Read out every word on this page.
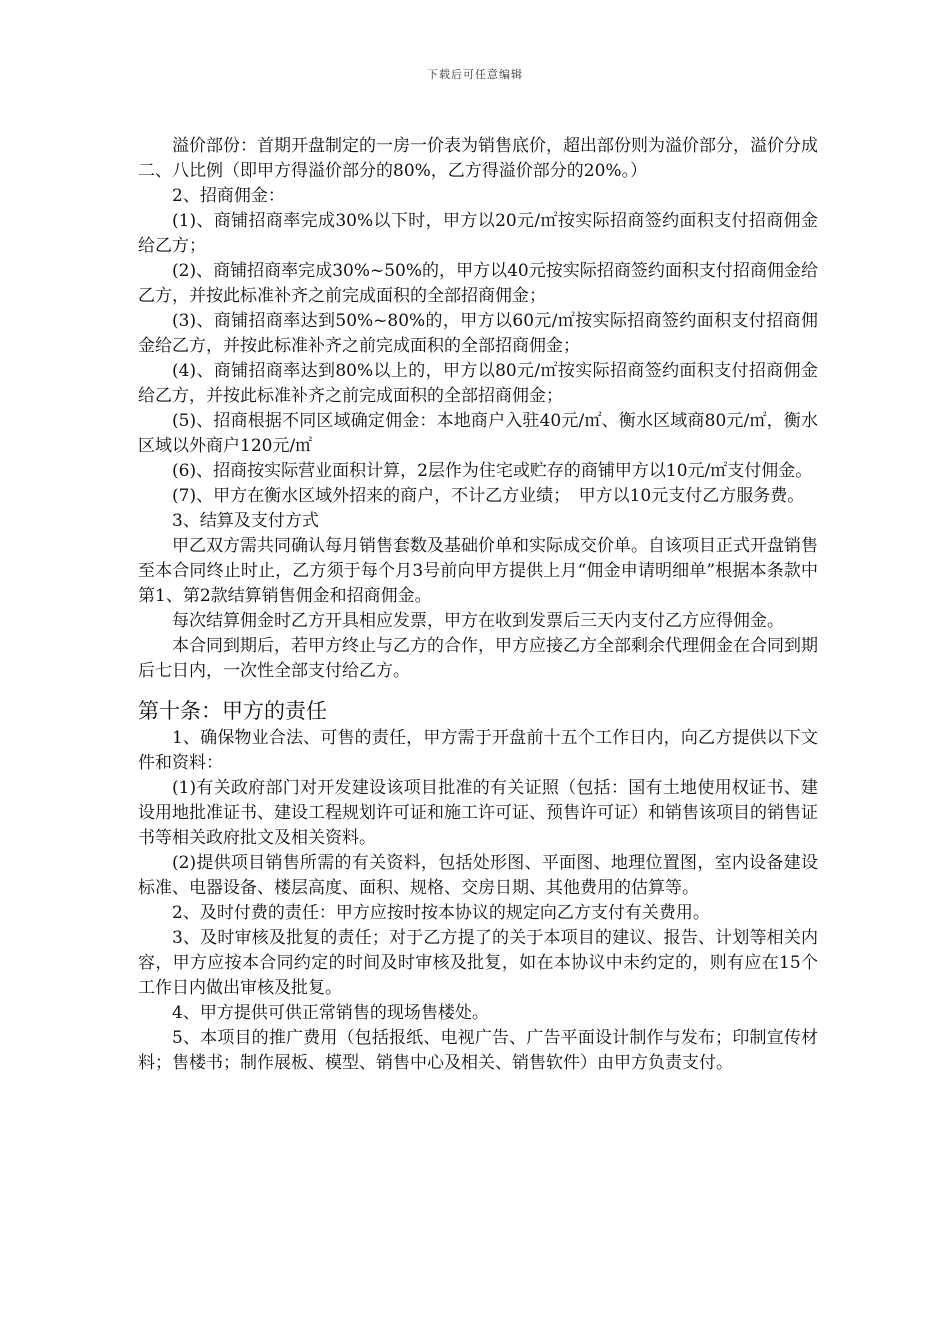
下载后可任意编辑

溢价部份：首期开盘制定的一房一价表为销售底价，超出部份则为溢价部分，溢价分成二、八比例（即甲方得溢价部分的80%，乙方得溢价部分的20%。）

2、招商佣金：

(1)、商铺招商率完成30%以下时，甲方以20元/㎡按实际招商签约面积支付招商佣金给乙方；

(2)、商铺招商率完成30%~50%的，甲方以40元按实际招商签约面积支付招商佣金给乙方，并按此标准补齐之前完成面积的全部招商佣金；

(3)、商铺招商率达到50%~80%的，甲方以60元/㎡按实际招商签约面积支付招商佣金给乙方，并按此标准补齐之前完成面积的全部招商佣金；

(4)、商铺招商率达到80%以上的，甲方以80元/㎡按实际招商签约面积支付招商佣金给乙方，并按此标准补齐之前完成面积的全部招商佣金；

(5)、招商根据不同区域确定佣金：本地商户入驻40元/㎡、衡水区域商80元/㎡，衡水区域以外商户120元/㎡

(6)、招商按实际营业面积计算，2层作为住宅或贮存的商铺甲方以10元/㎡支付佣金。

(7)、甲方在衡水区域外招来的商户，不计乙方业绩；　甲方以10元支付乙方服务费。

3、结算及支付方式

甲乙双方需共同确认每月销售套数及基础价单和实际成交价单。自该项目正式开盘销售至本合同终止时止，乙方须于每个月3号前向甲方提供上月“佣金申请明细单”根据本条款中第1、第2款结算销售佣金和招商佣金。

每次结算佣金时乙方开具相应发票，甲方在收到发票后三天内支付乙方应得佣金。

本合同到期后，若甲方终止与乙方的合作，甲方应接乙方全部剩余代理佣金在合同到期后七日内，一次性全部支付给乙方。

第十条：甲方的责任

1、确保物业合法、可售的责任，甲方需于开盘前十五个工作日内，向乙方提供以下文件和资料：

(1)有关政府部门对开发建设该项目批准的有关证照（包括：国有土地使用权证书、建设用地批准证书、建设工程规划许可证和施工许可证、预售许可证）和销售该项目的销售证书等相关政府批文及相关资料。

(2)提供项目销售所需的有关资料，包括处形图、平面图、地理位置图，室内设备建设标准、电器设备、楼层高度、面积、规格、交房日期、其他费用的估算等。

2、及时付费的责任：甲方应按时按本协议的规定向乙方支付有关费用。

3、及时审核及批复的责任；对于乙方提了的关于本项目的建议、报告、计划等相关内容，甲方应按本合同约定的时间及时审核及批复，如在本协议中未约定的，则有应在15个工作日内做出审核及批复。

4、甲方提供可供正常销售的现场售楼处。

5、本项目的推广费用（包括报纸、电视广告、广告平面设计制作与发布；印制宣传材料；售楼书；制作展板、模型、销售中心及相关、销售软件）由甲方负责支付。
